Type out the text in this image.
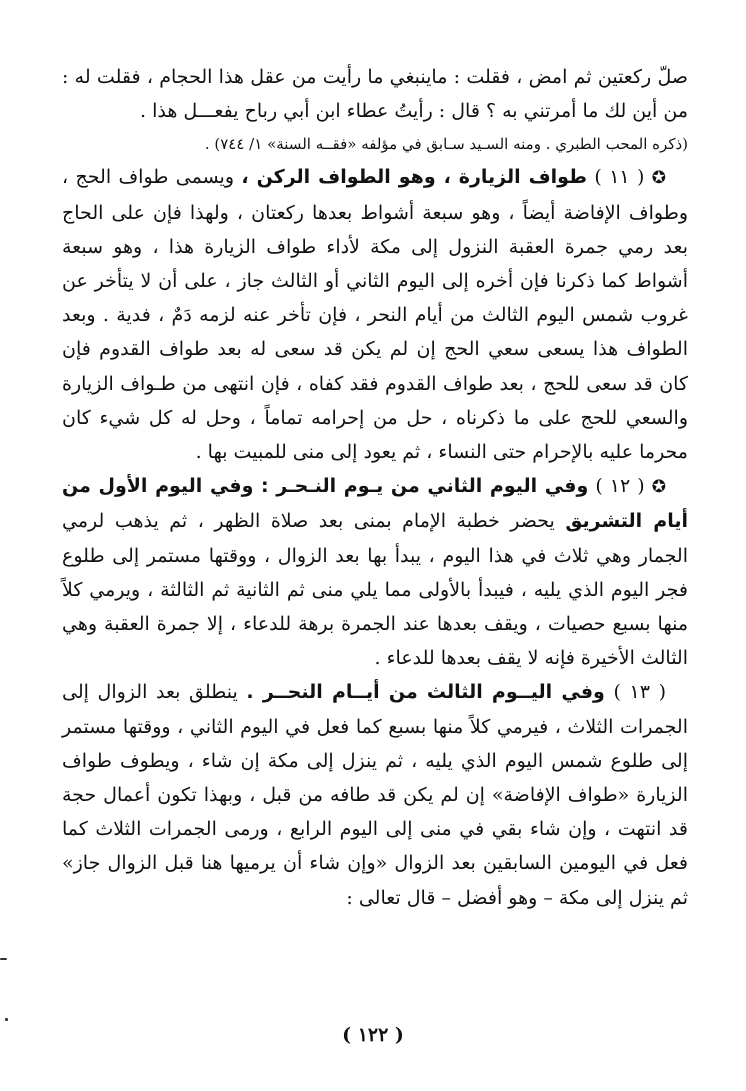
صلّ ركعتين ثم امض ، فقلت : ماينبغي ما رأيت من عقل هذا الحجام ، فقلت له : من أين لك ما أمرتني به ؟ قال : رأيتُ عطاء ابن أبي رباح يفعـــل هذا .

(ذكره المحب الطبري . ومنه السـيد سـابق في مؤلفه «فقــه السنة» ١/ ٧٤٤) .

✪ ( ١١ ) طواف الزيارة ، وهو الطواف الركن ، ويسمى طواف الحج ، وطواف الإفاضة أيضاً ، وهو سبعة أشواط بعدها ركعتان ، ولهذا فإن على الحاج بعد رمي جمرة العقبة النزول إلى مكة لأداء طواف الزيارة هذا ، وهو سبعة أشواط كما ذكرنا فإن أخره إلى اليوم الثاني أو الثالث جاز ، على أن لا يتأخر عن غروب شمس اليوم الثالث من أيام النحر ، فإن تأخر عنه لزمه دَمٌ ، فدية . وبعد الطواف هذا يسعى سعي الحج إن لم يكن قد سعى له بعد طواف القدوم فإن كان قد سعى للحج ، بعد طواف القدوم فقد كفاه ، فإن انتهى من طـواف الزيارة والسعي للحج على ما ذكرناه ، حل من إحرامه تماماً ، وحل له كل شيء كان محرما عليه بالإحرام حتى النساء ، ثم يعود إلى منى للمبيت بها .

✪ ( ١٢ ) وفي اليوم الثاني من يـوم النـحـر : وفي اليوم الأول من أيام التشريق يحضر خطبة الإمام بمنى بعد صلاة الظهر ، ثم يذهب لرمي الجمار وهي ثلاث في هذا اليوم ، يبدأ بها بعد الزوال ، ووقتها مستمر إلى طلوع فجر اليوم الذي يليه ، فيبدأ بالأولى مما يلي منى ثم الثانية ثم الثالثة ، ويرمي كلاً منها بسبع حصيات ، ويقف بعدها عند الجمرة برهة للدعاء ، إلا جمرة العقبة وهي الثالث الأخيرة فإنه لا يقف بعدها للدعاء .

( ١٣ ) وفي اليــوم الثالث من أيــام النحــر . ينطلق بعد الزوال إلى الجمرات الثلاث ، فيرمي كلاً منها بسبع كما فعل في اليوم الثاني ، ووقتها مستمر إلى طلوع شمس اليوم الذي يليه ، ثم ينزل إلى مكة إن شاء ، ويطوف طواف الزيارة «طواف الإفاضة» إن لم يكن قد طافه من قبل ، وبهذا تكون أعمال حجة قد انتهت ، وإن شاء بقي في منى إلى اليوم الرابع ، ورمى الجمرات الثلاث كما فعل في اليومين السابقين بعد الزوال «وإن شاء أن يرميها هنا قبل الزوال جاز» ثم ينزل إلى مكة – وهو أفضل – قال تعالى :

( ١٢٢ )
